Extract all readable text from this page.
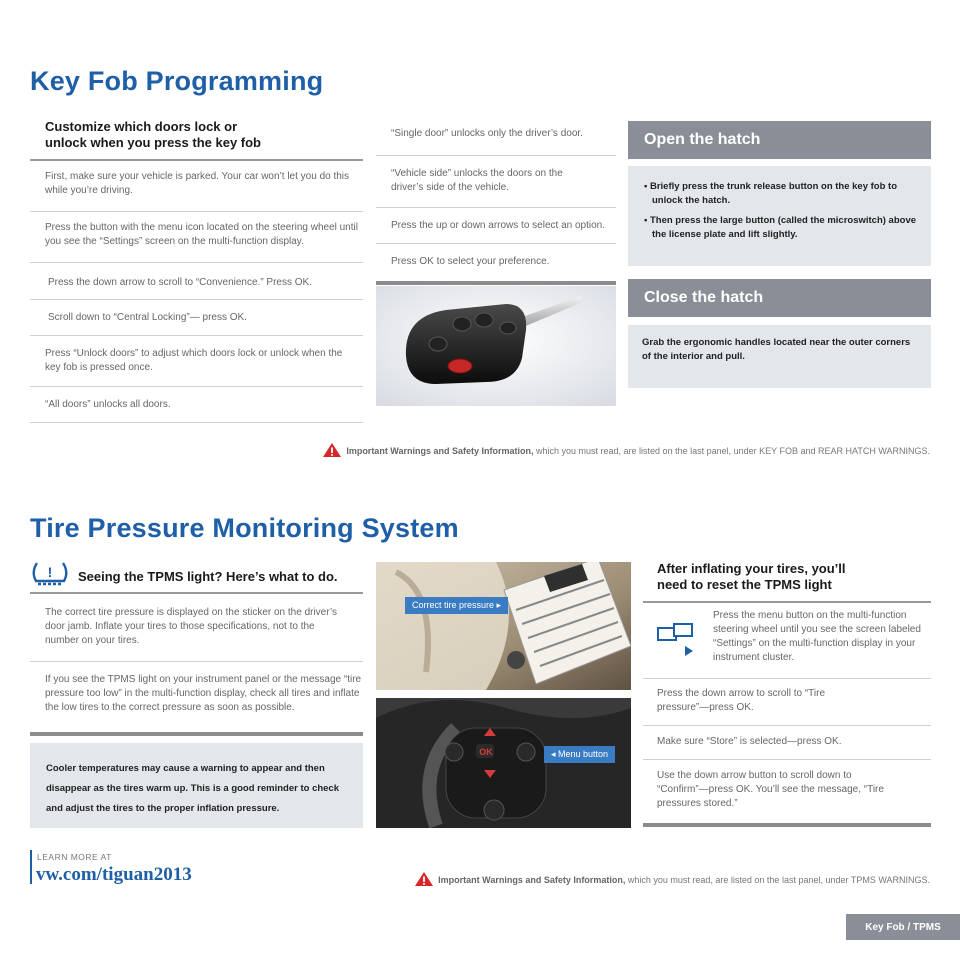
Key Fob Programming
Customize which doors lock or
unlock when you press the key fob
First, make sure your vehicle is parked. Your car won’t let you do this while you’re driving.
Press the button with the menu icon located on the steering wheel until you see the “Settings” screen on the multi-function display.
Press the down arrow to scroll to “Convenience.” Press OK.
Scroll down to “Central Locking”— press OK.
Press “Unlock doors” to adjust which doors lock or unlock when the key fob is pressed once.
“All doors” unlocks all doors.
“Single door” unlocks only the driver’s door.
“Vehicle side” unlocks the doors on the driver’s side of the vehicle.
Press the up or down arrows to select an option.
Press OK to select your preference.
Open the hatch
• Briefly press the trunk release button on the key fob to unlock the hatch.
• Then press the large button (called the microswitch) above the license plate and lift slightly.
Close the hatch
Grab the ergonomic handles located near the outer corners of the interior and pull.
Important Warnings and Safety Information, which you must read, are listed on the last panel, under KEY FOB and REAR HATCH WARNINGS.
Tire Pressure Monitoring System
! Seeing the TPMS light? Here’s what to do.
The correct tire pressure is displayed on the sticker on the driver’s door jamb. Inflate your tires to those specifications, not to the number on your tires.
If you see the TPMS light on your instrument panel or the message “tire pressure too low” in the multi-function display, check all tires and inflate the low tires to the correct pressure as soon as possible.
Cooler temperatures may cause a warning to appear and then disappear as the tires warm up. This is a good reminder to check and adjust the tires to the proper inflation pressure.
Correct tire pressure ▸
OK	◂ Menu button
After inflating your tires, you’ll
need to reset the TPMS light
Press the menu button on the multi-function steering wheel until you see the screen labeled “Settings” on the multi-function display in your instrument cluster.
Press the down arrow to scroll to “Tire pressure”—press OK.
Make sure “Store” is selected—press OK.
Use the down arrow button to scroll down to “Confirm”—press OK. You’ll see the message, “Tire pressures stored.”
LEARN MORE AT
vw.com/tiguan2013	Important Warnings and Safety Information, which you must read, are listed on the last panel, under TPMS WARNINGS.
Key Fob / TPMS
